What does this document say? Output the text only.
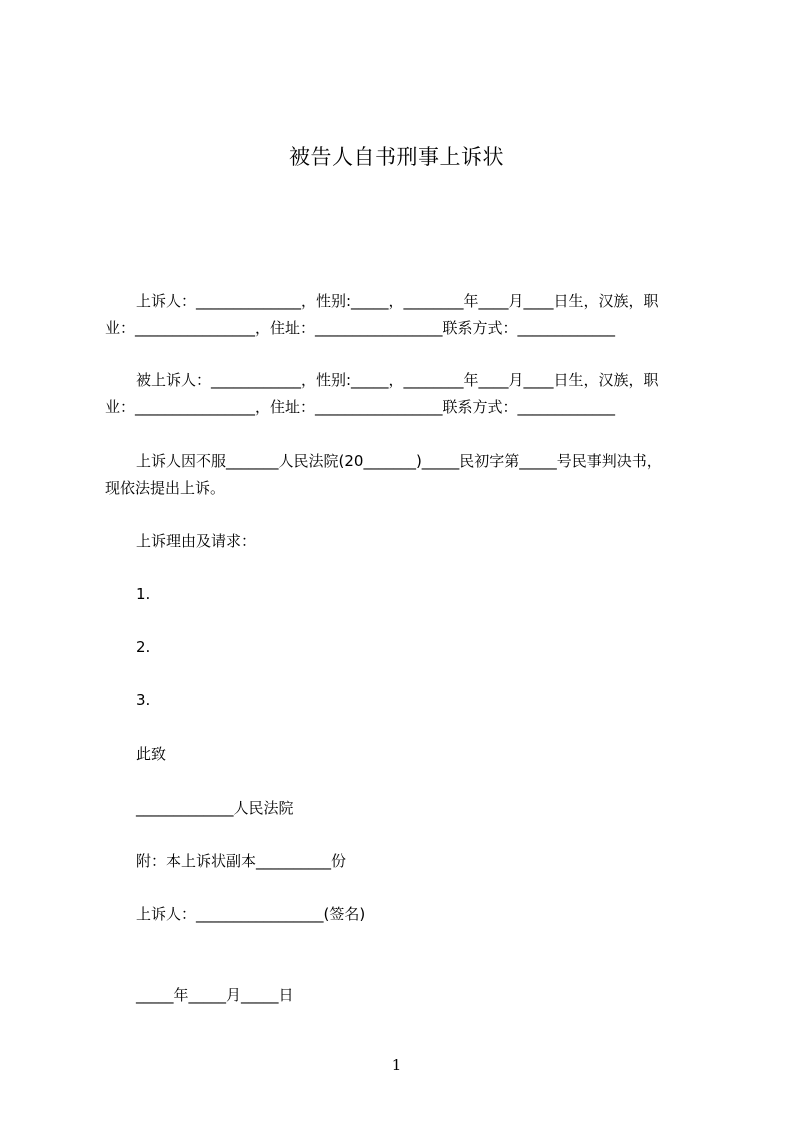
被告人自书刑事上诉状
上诉人：______________，性别:_____，________年____月____日生，汉族，职
业：________________，住址：_________________联系方式：_____________
被上诉人：____________，性别:_____，________年____月____日生，汉族，职
业：________________，住址：_________________联系方式：_____________
上诉人因不服_______人民法院(20_______)_____民初字第_____号民事判决书，
现依法提出上诉。
上诉理由及请求：
1.
2.
3.
此致
_____________人民法院
附：本上诉状副本__________份
上诉人：_________________(签名)
_____年_____月_____日
1
